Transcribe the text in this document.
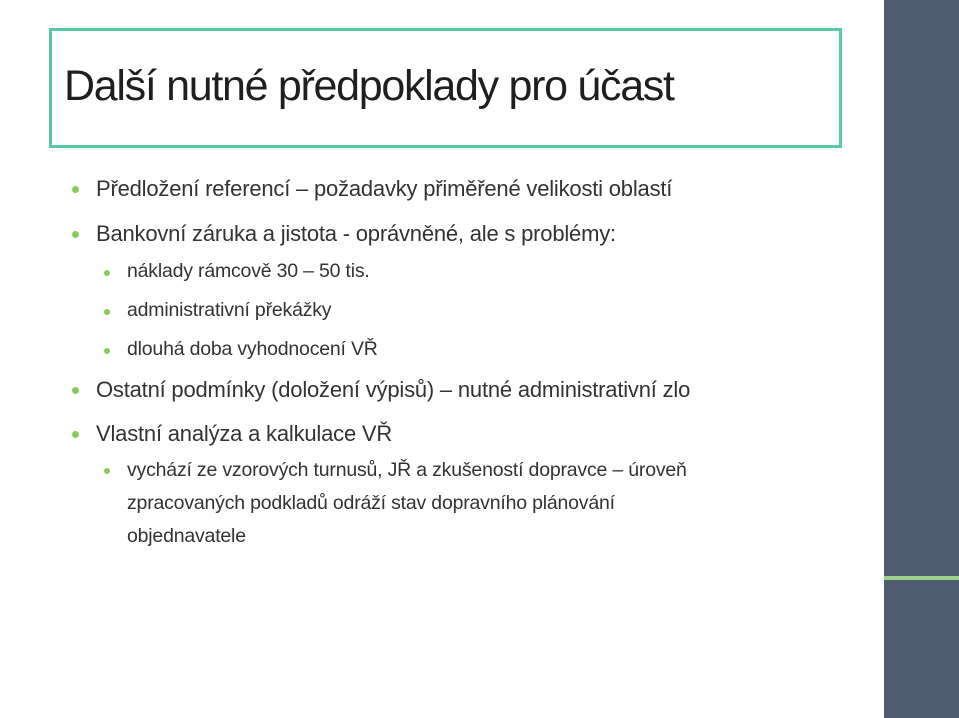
Další nutné předpoklady pro účast
Předložení referencí – požadavky přiměřené velikosti oblastí
Bankovní záruka a jistota - oprávněné, ale s problémy:
náklady rámcově 30 – 50 tis.
administrativní překážky
dlouhá doba vyhodnocení VŘ
Ostatní podmínky (doložení výpisů) – nutné administrativní zlo
Vlastní analýza a kalkulace VŘ
vychází ze vzorových turnusů, JŘ a zkušeností dopravce – úroveň
zpracovaných podkladů odráží stav dopravního plánování
objednavatele
